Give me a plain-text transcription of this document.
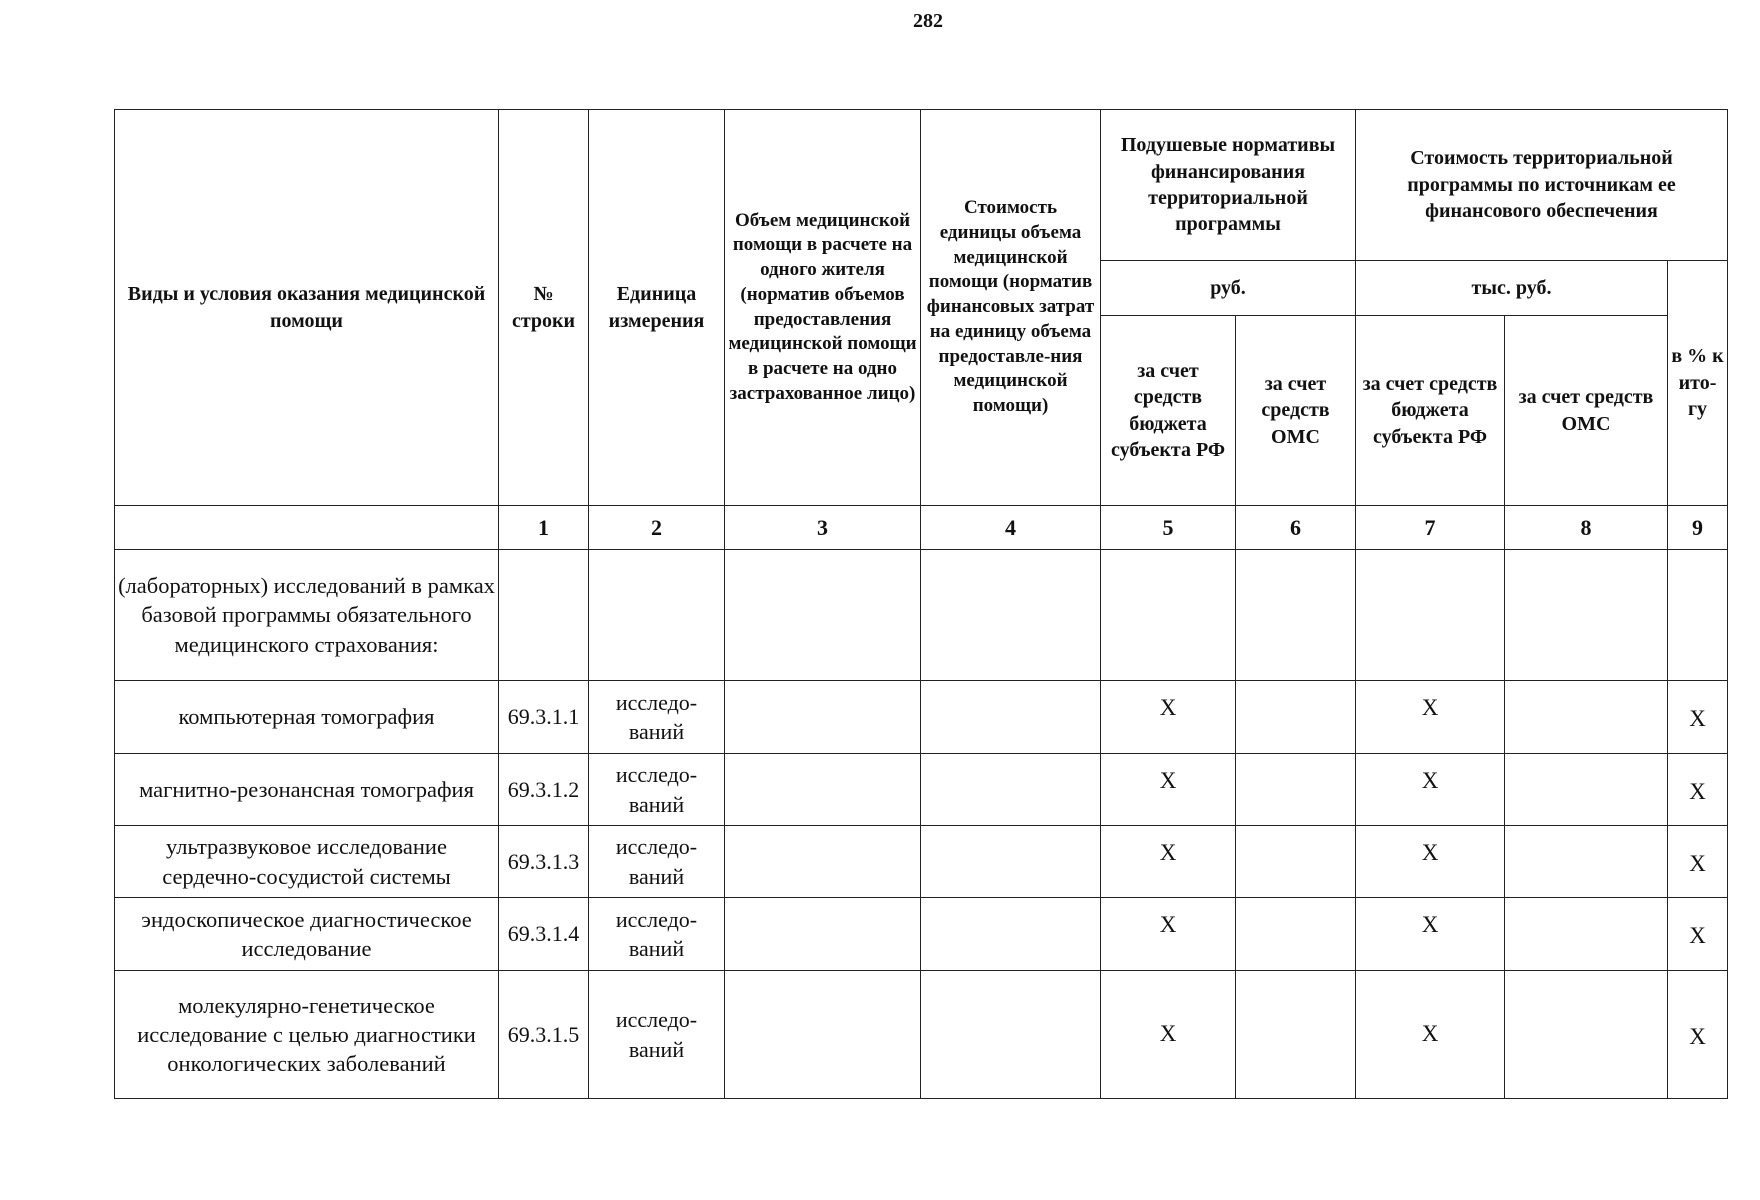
282
Виды и условия оказания медицинской помощи	№ строки	Единица измерения	Объем медицинской помощи в расчете на одного жителя (норматив объемов предоставления медицинской помощи в расчете на одно застрахованное лицо)	Стоимость единицы объема медицинской помощи (норматив финансовых затрат на единицу объема предоставле-ния медицинской помощи)	Подушевые нормативы финансирования территориальной программы		Стоимость территориальной программы по источникам ее финансового обеспечения		
					руб.		тыс. руб.		в % к ито-гу
					за счет средств бюджета субъекта РФ	за счет средств ОМС	за счет средств бюджета субъекта РФ	за счет средств ОМС	
	1	2	3	4	5	6	7	8	9
(лабораторных) исследований в рамках базовой программы обязательного медицинского страхования:									
компьютерная томография	69.3.1.1	исследо-ваний			X		X		X
магнитно-резонансная томография	69.3.1.2	исследо-ваний			X		X		X
ультразвуковое исследование сердечно-сосудистой системы	69.3.1.3	исследо-ваний			X		X		X
эндоскопическое диагностическое исследование	69.3.1.4	исследо-ваний			X		X		X
молекулярно-генетическое исследование с целью диагностики онкологических заболеваний	69.3.1.5	исследо-ваний			X		X		X
